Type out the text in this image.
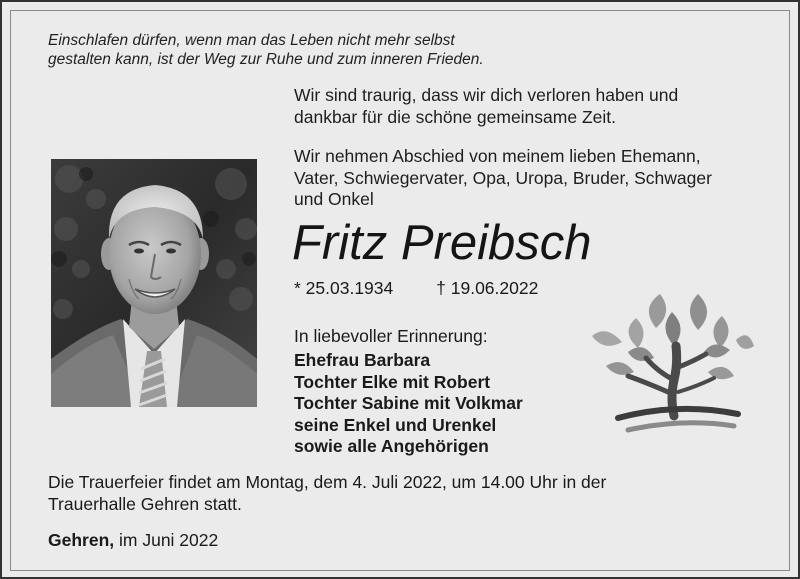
Einschlafen dürfen, wenn man das Leben nicht mehr selbst
gestalten kann, ist der Weg zur Ruhe und zum inneren Frieden.
Wir sind traurig, dass wir dich verloren haben und
dankbar für die schöne gemeinsame Zeit.
Wir nehmen Abschied von meinem lieben Ehemann,
Vater, Schwiegervater, Opa, Uropa, Bruder, Schwager
und Onkel
Fritz Preibsch
* 25.03.1934 † 19.06.2022
In liebevoller Erinnerung:
Ehefrau Barbara
Tochter Elke mit Robert
Tochter Sabine mit Volkmar
seine Enkel und Urenkel
sowie alle Angehörigen
Die Trauerfeier findet am Montag, dem 4. Juli 2022, um 14.00 Uhr in der
Trauerhalle Gehren statt.
Gehren, im Juni 2022
